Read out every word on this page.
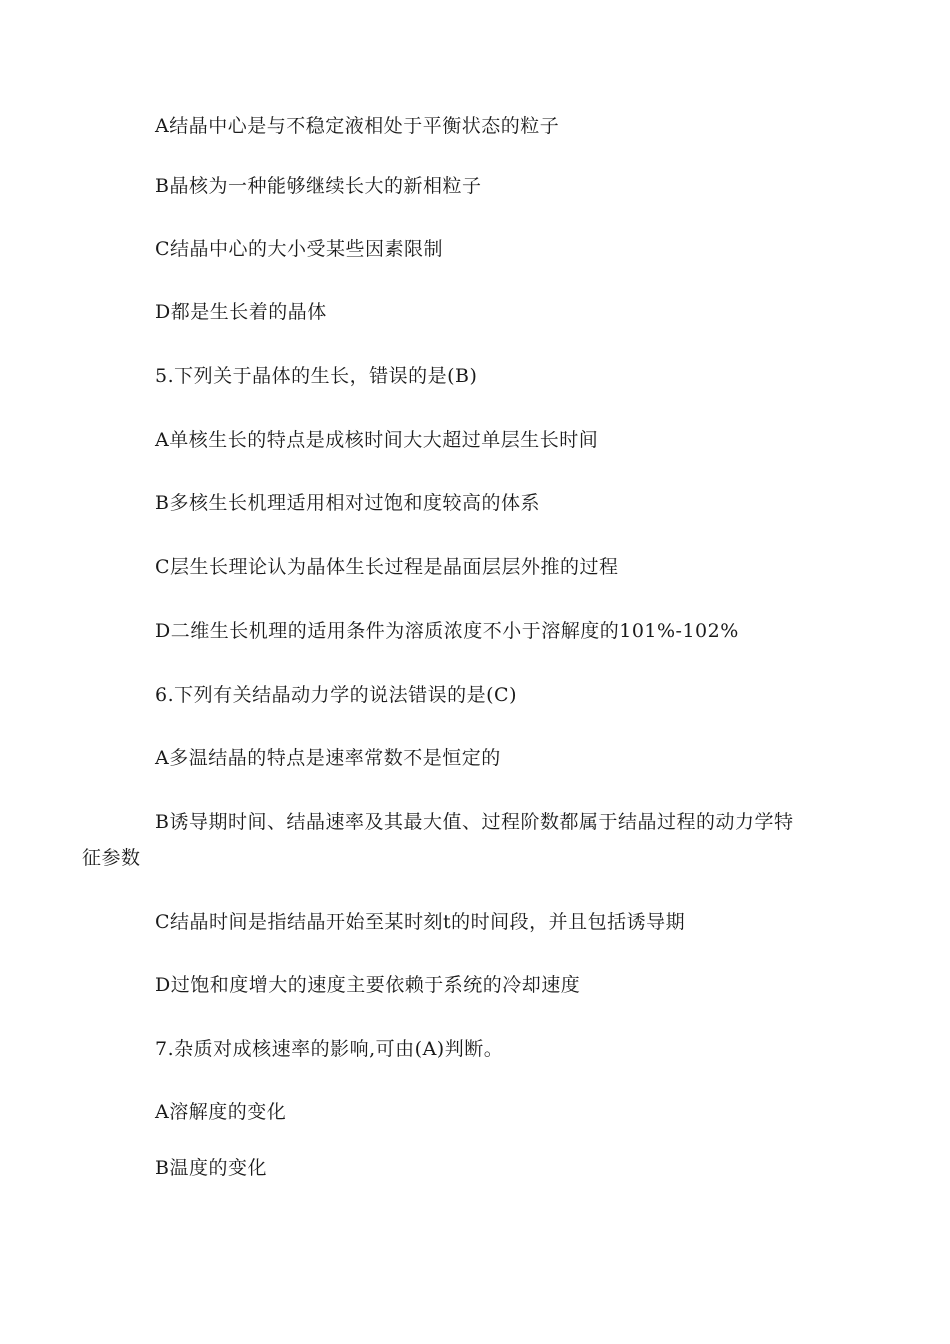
A结晶中心是与不稳定液相处于平衡状态的粒子
B晶核为一种能够继续长大的新相粒子
C结晶中心的大小受某些因素限制
D都是生长着的晶体
5.下列关于晶体的生长，错误的是(B)
A单核生长的特点是成核时间大大超过单层生长时间
B多核生长机理适用相对过饱和度较高的体系
C层生长理论认为晶体生长过程是晶面层层外推的过程
D二维生长机理的适用条件为溶质浓度不小于溶解度的101%-102%
6.下列有关结晶动力学的说法错误的是(C)
A多温结晶的特点是速率常数不是恒定的
B诱导期时间、结晶速率及其最大值、过程阶数都属于结晶过程的动力学特
征参数
C结晶时间是指结晶开始至某时刻t的时间段，并且包括诱导期
D过饱和度增大的速度主要依赖于系统的冷却速度
7.杂质对成核速率的影响,可由(A)判断。
A溶解度的变化
B温度的变化
